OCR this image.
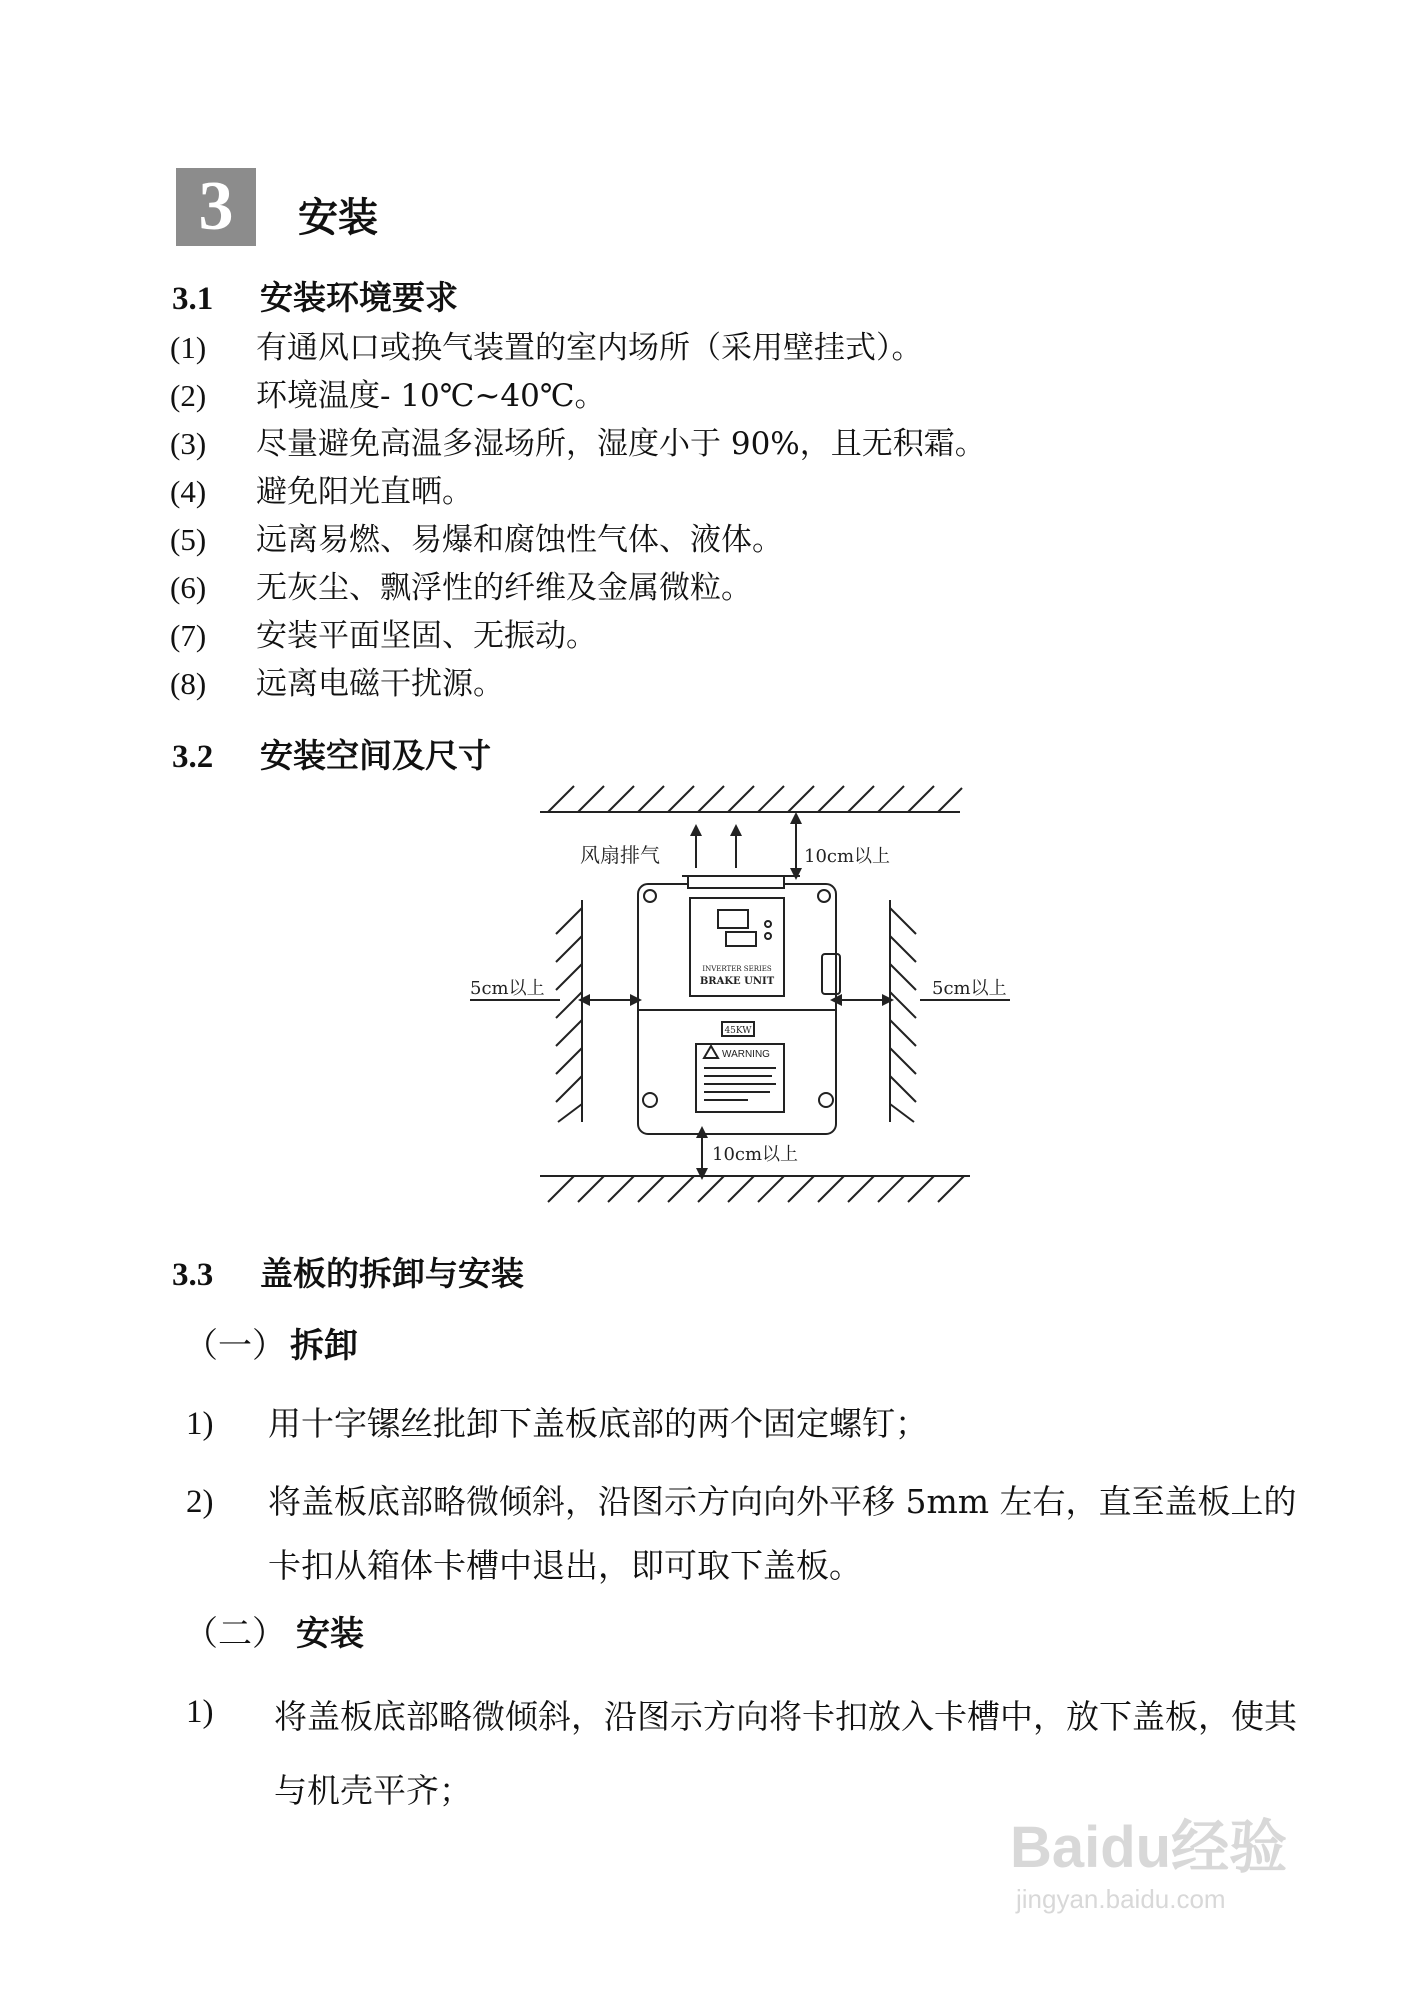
3	安装
3.1 安装环境要求
(1) 有通风口或换气装置的室内场所（采用壁挂式）。
(2) 环境温度- 10℃~40℃。
(3) 尽量避免高温多湿场所，湿度小于 90%，且无积霜。
(4) 避免阳光直晒。
(5) 远离易燃、易爆和腐蚀性气体、液体。
(6) 无灰尘、飘浮性的纤维及金属微粒。
(7) 安装平面坚固、无振动。
(8) 远离电磁干扰源。
3.2 安装空间及尺寸
风扇排气	10cm以上
5cm以上	5cm以上
10cm以上
INVERTER SERIES
BRAKE UNIT
45KW
WARNING
3.3 盖板的拆卸与安装
（一） 拆卸
1) 用十字镙丝批卸下盖板底部的两个固定螺钉；
2) 将盖板底部略微倾斜，沿图示方向向外平移 5mm 左右，直至盖板上的卡扣从箱体卡槽中退出，即可取下盖板。
（二） 安装
1) 将盖板底部略微倾斜，沿图示方向将卡扣放入卡槽中，放下盖板，使其与机壳平齐；
Baidu经验
jingyan.baidu.com
